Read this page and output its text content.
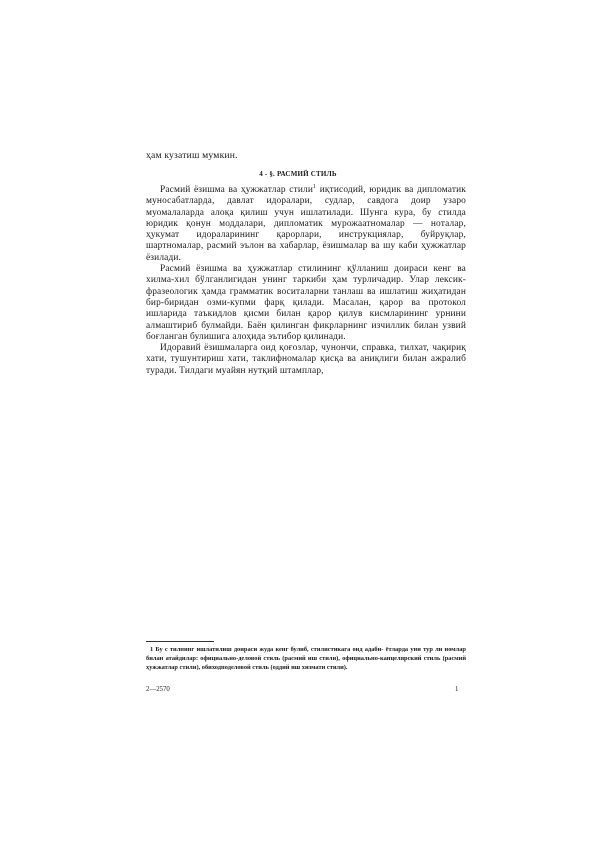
ҳам кузатиш мумкин.
4 - §. РАСМИЙ СТИЛЬ

Расмий ёзишма ва ҳужжатлар стили$^1$ иқтисодий, юридик ва дипломатик муносабатларда, давлат идоралари, судлар, савдога доир узаро муомалаларда алоқа қилиш учун ишлатилади. Шунга кура, бу стилда юридик қонун моддалари, дипломатик мурожаатномалар — ноталар, ҳукумат идораларининг қарорлари, инструкциялар, буйруқлар, шартномалар, расмий эълон ва хабарлар, ёзишмалар ва шу каби ҳужжатлар ёзилади.

Расмий ёзишма ва ҳужжатлар стилининг қўлланиш доираси кенг ва хилма-хил бўлганлигидан унинг таркиби ҳам турличадир. Улар лексик-фразеологик ҳамда грамматик воситаларни танлаш ва ишлатиш жиҳатидан бир-биридан озми-купми фарқ қилади. Масалан, қарор ва протокол ишларида таъкидлов қисми билан қарор қилув кисмларининг урнини алмаштириб булмайди. Баён қилинган фикрларнинг изчиллик билан узвий боғланган булишига алоҳида эътибор қилинади.

Идоравий ёзишмаларга оид қоғозлар, чунончи, справка, тилхат, чақириқ хати, тушунтириш хати, таклифномалар қисқа ва аниқлиги билан ажралиб туради. Тилдаги муайян нутқий штамплар,

1 Бу с тилнинг ишлатилиш доираси жуда кенг булиб, стилистикага оид адаби- ётларда уни тур ли номлар билан атайдилар: официально-деловой стиль (расмий иш стили), официально-канцелярский стиль (расмий ҳужжатлар стили), обиходноделовой стиль (оддий иш хизмати стили).

2—2570	1
